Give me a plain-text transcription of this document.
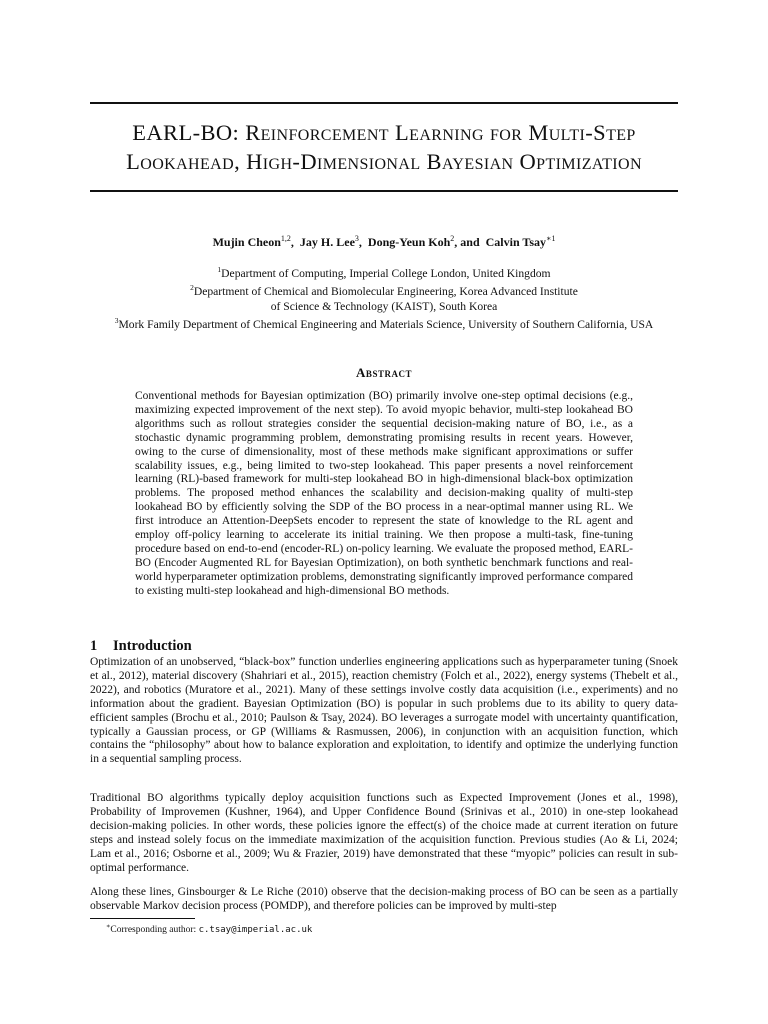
EARL-BO: Reinforcement Learning for Multi-Step
Lookahead, High-Dimensional Bayesian Optimization
Mujin Cheon$^{1,2}$, Jay H. Lee$^3$, Dong-Yeun Koh$^2$, and Calvin Tsay$^{∗1}$
$^1$Department of Computing, Imperial College London, United Kingdom
$^2$Department of Chemical and Biomolecular Engineering, Korea Advanced Institute
of Science & Technology (KAIST), South Korea
$^3$Mork Family Department of Chemical Engineering and Materials Science, University of Southern California, USA
Abstract

Conventional methods for Bayesian optimization (BO) primarily involve one-step optimal decisions (e.g., maximizing expected improvement of the next step). To avoid myopic behavior, multi-step lookahead BO algorithms such as rollout strategies consider the sequential decision-making nature of BO, i.e., as a stochastic dynamic programming problem, demonstrating promising results in recent years. However, owing to the curse of dimensionality, most of these methods make significant approximations or suffer scalability issues, e.g., being limited to two-step lookahead. This paper presents a novel reinforcement learning (RL)-based framework for multi-step lookahead BO in high-dimensional black-box optimization problems. The proposed method enhances the scalability and decision-making quality of multi-step lookahead BO by efficiently solving the SDP of the BO process in a near-optimal manner using RL. We first introduce an Attention-DeepSets encoder to represent the state of knowledge to the RL agent and employ off-policy learning to accelerate its initial training. We then propose a multi-task, fine-tuning procedure based on end-to-end (encoder-RL) on-policy learning. We evaluate the proposed method, EARL-BO (Encoder Augmented RL for Bayesian Optimization), on both synthetic benchmark functions and real-world hyperparameter optimization problems, demonstrating significantly improved performance compared to existing multi-step lookahead and high-dimensional BO methods.

1 Introduction

Optimization of an unobserved, “black-box” function underlies engineering applications such as hyperparameter tuning (Snoek et al., 2012), material discovery (Shahriari et al., 2015), reaction chemistry (Folch et al., 2022), energy systems (Thebelt et al., 2022), and robotics (Muratore et al., 2021). Many of these settings involve costly data acquisition (i.e., experiments) and no information about the gradient. Bayesian Optimization (BO) is popular in such problems due to its ability to query data-efficient samples (Brochu et al., 2010; Paulson & Tsay, 2024). BO leverages a surrogate model with uncertainty quantification, typically a Gaussian process, or GP (Williams & Rasmussen, 2006), in conjunction with an acquisition function, which contains the “philosophy” about how to balance exploration and exploitation, to identify and optimize the underlying function in a sequential sampling process.

Traditional BO algorithms typically deploy acquisition functions such as Expected Improvement (Jones et al., 1998), Probability of Improvemen (Kushner, 1964), and Upper Confidence Bound (Srinivas et al., 2010) in one-step lookahead decision-making policies. In other words, these policies ignore the effect(s) of the choice made at current iteration on future steps and instead solely focus on the immediate maximization of the acquisition function. Previous studies (Ao & Li, 2024; Lam et al., 2016; Osborne et al., 2009; Wu & Frazier, 2019) have demonstrated that these “myopic” policies can result in sub-optimal performance.

Along these lines, Ginsbourger & Le Riche (2010) observe that the decision-making process of BO can be seen as a partially observable Markov decision process (POMDP), and therefore policies can be improved by multi-step

∗Corresponding author: c.tsay@imperial.ac.uk
